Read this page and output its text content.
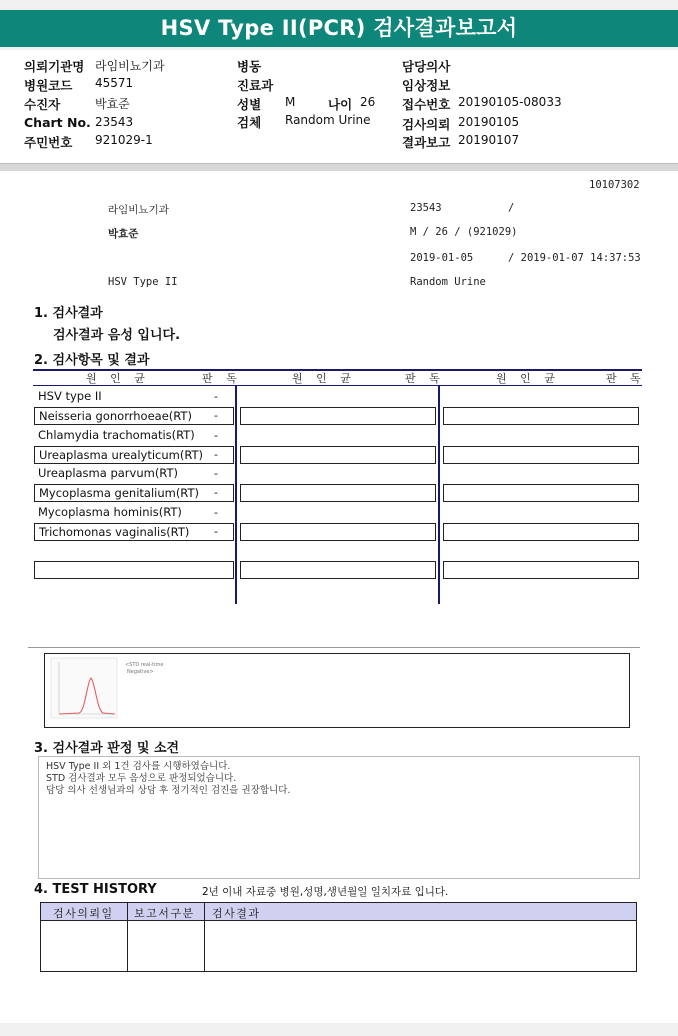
HSV Type II(PCR) 검사결과보고서
의뢰기관명 라임비뇨기과
병원코드 45571
수진자	박효준
Chart No. 23543
주민번호 921029-1
병동
진료과
성별 M	나이 26
검체 Random Urine
담당의사
임상정보
접수번호 20190105-08033
검사의뢰 20190105
결과보고 20190107
10107302
라임비뇨기과	23543	/
박효준	M / 26 / (921029)
2019-01-05	/ 2019-01-07 14:37:53
HSV Type II	Random Urine
1. 검사결과
검사결과 음성 입니다.
2. 검사항목 및 결과
원 인 균	판 독	원 인 균	판 독	원 인 균	판 독
HSV type II	-
Neisseria gonorrhoeae(RT)	-
Chlamydia trachomatis(RT)	-
Ureaplasma urealyticum(RT) -
Ureaplasma parvum(RT)	-
Mycoplasma genitalium(RT)	-
Mycoplasma hominis(RT)	-
Trichomonas vaginalis(RT)	-
<STD real-time
Negative>
3. 검사결과 판정 및 소견
HSV Type II 외 1건 검사를 시행하였습니다.
STD 검사결과 모두 음성으로 판정되었습니다.
담당 의사 선생님과의 상담 후 정기적인 검진을 권장합니다.
4. TEST HISTORY	2년 이내 자료중 병원,성명,생년월일 일치자료 입니다.
검사의뢰일 보고서구분 검사결과
